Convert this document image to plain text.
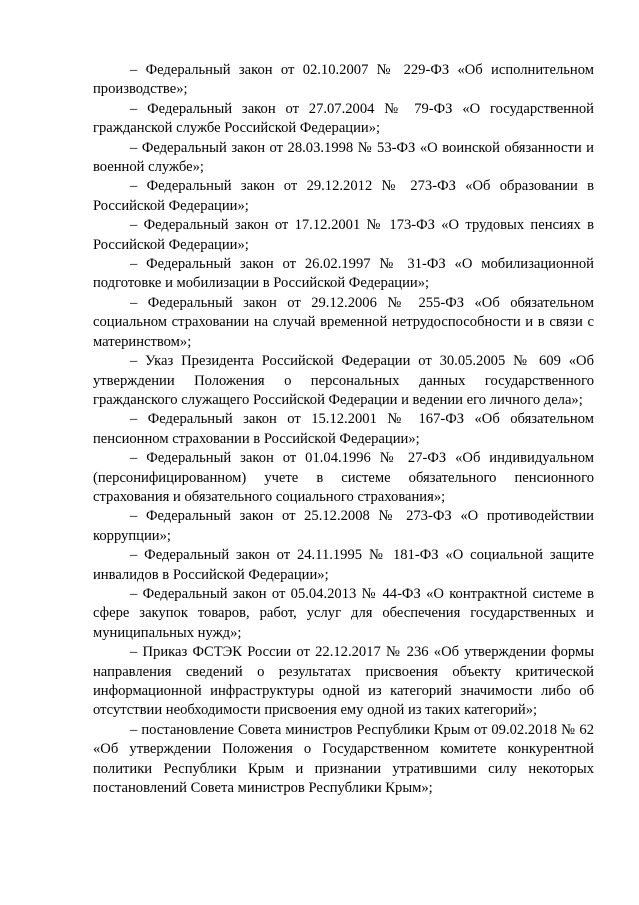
– Федеральный закон от 02.10.2007 № 229-ФЗ «Об исполнительном производстве»;

– Федеральный закон от 27.07.2004 № 79-ФЗ «О государственной гражданской службе Российской Федерации»;

– Федеральный закон от 28.03.1998 № 53-ФЗ «О воинской обязанности и военной службе»;

– Федеральный закон от 29.12.2012 № 273-ФЗ «Об образовании в Российской Федерации»;

– Федеральный закон от 17.12.2001 № 173-ФЗ «О трудовых пенсиях в Российской Федерации»;

– Федеральный закон от 26.02.1997 № 31-ФЗ «О мобилизационной подготовке и мобилизации в Российской Федерации»;

– Федеральный закон от 29.12.2006 № 255-ФЗ «Об обязательном социальном страховании на случай временной нетрудоспособности и в связи с материнством»;

– Указ Президента Российской Федерации от 30.05.2005 № 609 «Об утверждении Положения о персональных данных государственного гражданского служащего Российской Федерации и ведении его личного дела»;

– Федеральный закон от 15.12.2001 № 167-ФЗ «Об обязательном пенсионном страховании в Российской Федерации»;

– Федеральный закон от 01.04.1996 № 27-ФЗ «Об индивидуальном (персонифицированном) учете в системе обязательного пенсионного страхования и обязательного социального страхования»;

– Федеральный закон от 25.12.2008 № 273-ФЗ «О противодействии коррупции»;

– Федеральный закон от 24.11.1995 № 181-ФЗ «О социальной защите инвалидов в Российской Федерации»;

– Федеральный закон от 05.04.2013 № 44-ФЗ «О контрактной системе в сфере закупок товаров, работ, услуг для обеспечения государственных и муниципальных нужд»;

– Приказ ФСТЭК России от 22.12.2017 № 236 «Об утверждении формы направления сведений о результатах присвоения объекту критической информационной инфраструктуры одной из категорий значимости либо об отсутствии необходимости присвоения ему одной из таких категорий»;

– постановление Совета министров Республики Крым от 09.02.2018 № 62 «Об утверждении Положения о Государственном комитете конкурентной политики Республики Крым и признании утратившими силу некоторых постановлений Совета министров Республики Крым»;
